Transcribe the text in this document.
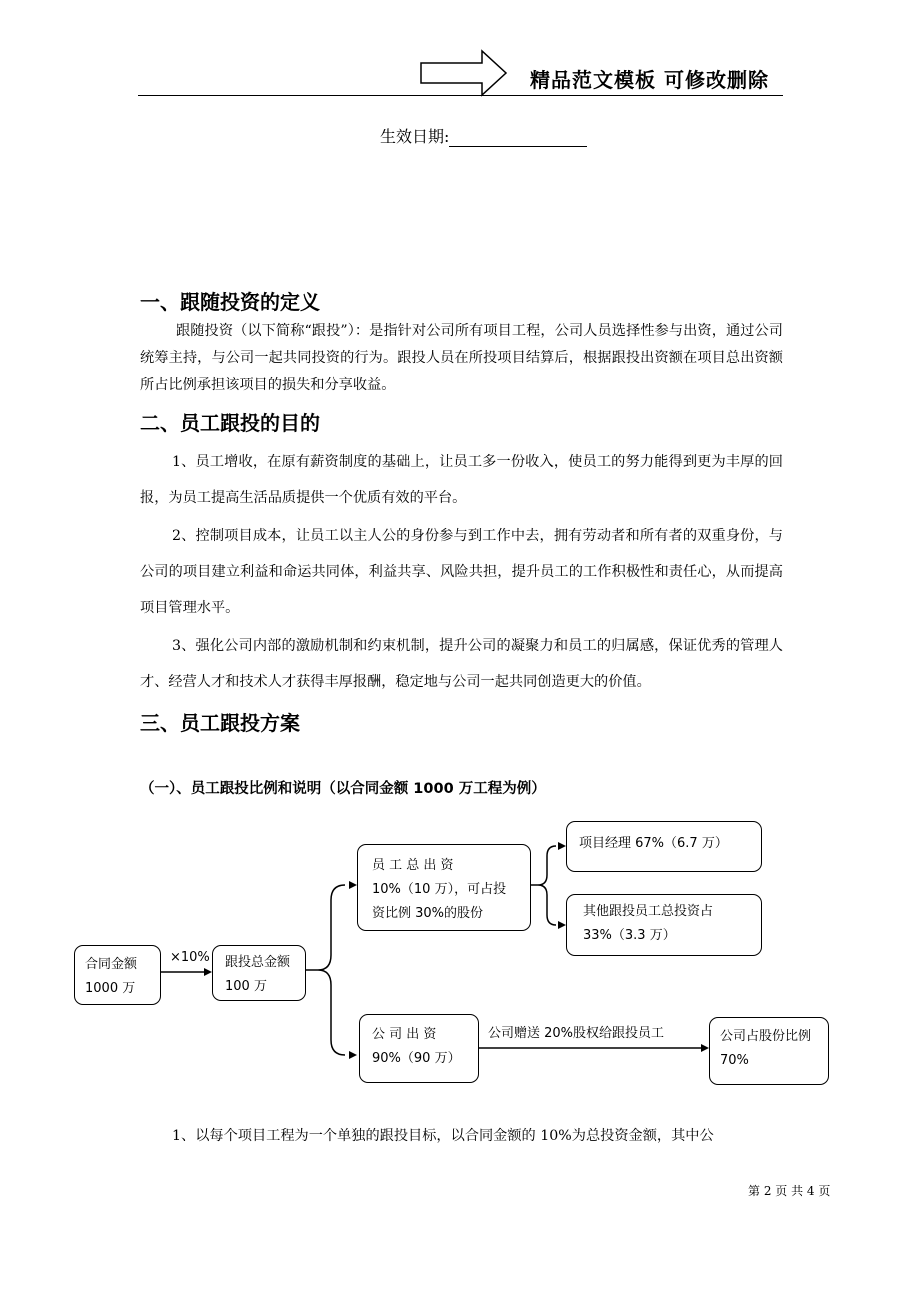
精品范文模板 可修改删除
生效日期:
一、跟随投资的定义
跟随投资（以下简称“跟投”）：是指针对公司所有项目工程，公司人员选择性参与出资，通过公司统筹主持，与公司一起共同投资的行为。跟投人员在所投项目结算后，根据跟投出资额在项目总出资额所占比例承担该项目的损失和分享收益。
二、员工跟投的目的
1、员工增收，在原有薪资制度的基础上，让员工多一份收入，使员工的努力能得到更为丰厚的回报，为员工提高生活品质提供一个优质有效的平台。
2、控制项目成本，让员工以主人公的身份参与到工作中去，拥有劳动者和所有者的双重身份，与公司的项目建立利益和命运共同体，利益共享、风险共担，提升员工的工作积极性和责任心，从而提高项目管理水平。
3、强化公司内部的激励机制和约束机制，提升公司的凝聚力和员工的归属感，保证优秀的管理人才、经营人才和技术人才获得丰厚报酬，稳定地与公司一起共同创造更大的价值。
三、员工跟投方案
（一）、员工跟投比例和说明（以合同金额 1000 万工程为例）
合同金额 1000 万
×10%	跟投总金额100 万
员 工 总 出 资 10%（10 万），可占投资比例 30%的股份
项目经理 67%（6.7 万）
其他跟投员工总投资占33%（3.3 万）
公 司 出 资 90%（90 万）
公司赠送 20%股权给跟投员工	公司占股份比例 70%
1、以每个项目工程为一个单独的跟投目标，以合同金额的 10%为总投资金额，其中公
第 2 页 共 4 页
